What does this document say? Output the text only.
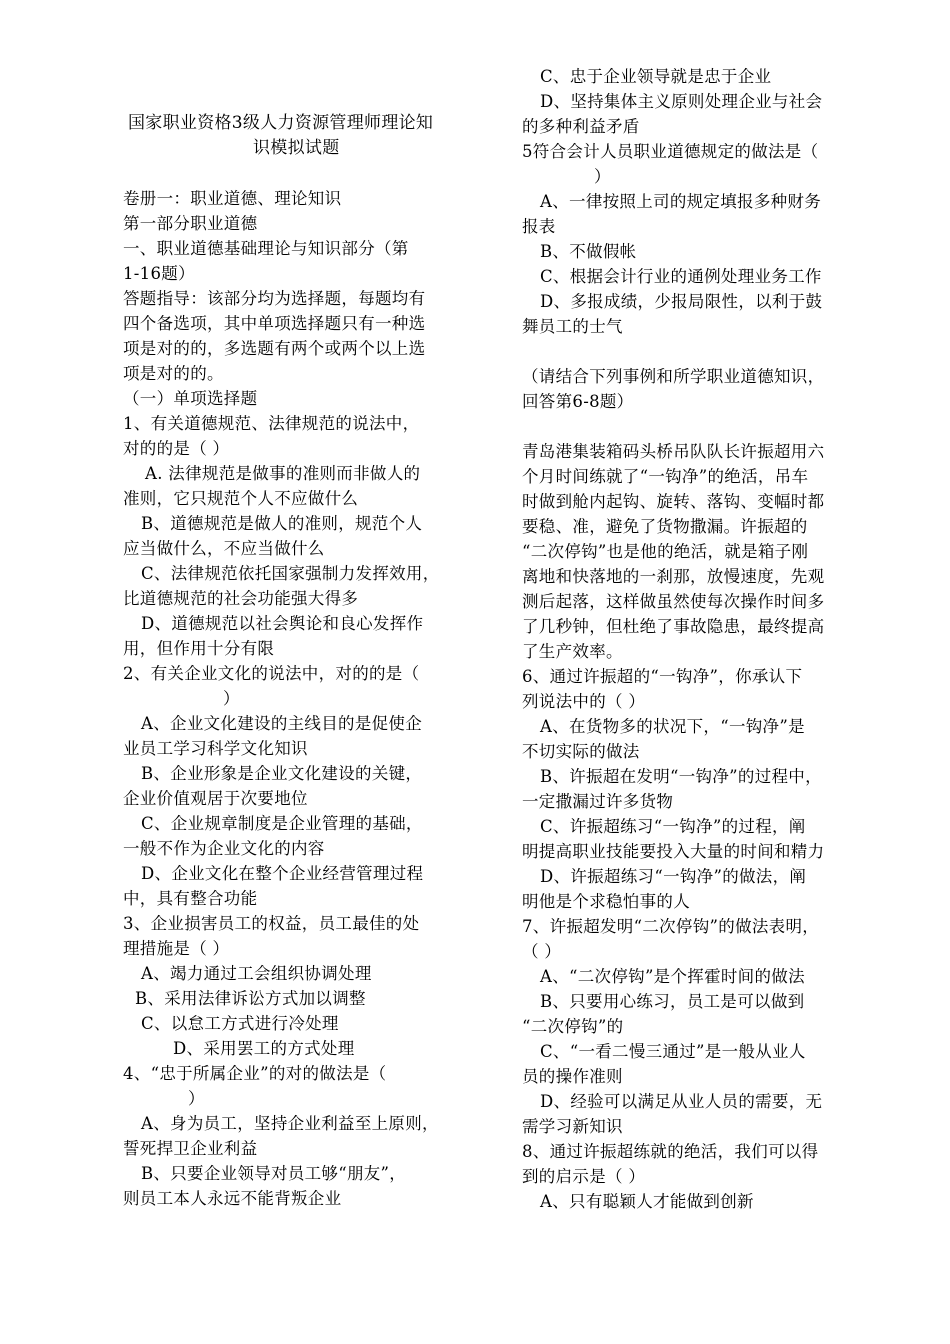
国家职业资格3级人力资源管理师理论知
识模拟试题
卷册一：职业道德、理论知识
第一部分职业道德
一、职业道德基础理论与知识部分（第
1-16题）
答题指导：该部分均为选择题，每题均有
四个备选项，其中单项选择题只有一种选
项是对的的，多选题有两个或两个以上选
项是对的的。
（一）单项选择题
1、有关道德规范、法律规范的说法中，
对的的是（ ）
A. 法律规范是做事的准则而非做人的
准则，它只规范个人不应做什么
B、道德规范是做人的准则，规范个人
应当做什么，不应当做什么
C、法律规范依托国家强制力发挥效用，
比道德规范的社会功能强大得多
D、道德规范以社会舆论和良心发挥作
用，但作用十分有限
2、有关企业文化的说法中，对的的是（
）
A、企业文化建设的主线目的是促使企
业员工学习科学文化知识
B、企业形象是企业文化建设的关键，
企业价值观居于次要地位
C、企业规章制度是企业管理的基础，
一般不作为企业文化的内容
D、企业文化在整个企业经营管理过程
中，具有整合功能
3、企业损害员工的权益，员工最佳的处
理措施是（ ）
A、竭力通过工会组织协调处理
B、采用法律诉讼方式加以调整
C、以怠工方式进行冷处理
D、采用罢工的方式处理
4、“忠于所属企业”的对的做法是（
）
A、身为员工，坚持企业利益至上原则，
誓死捍卫企业利益
B、只要企业领导对员工够“朋友”，
则员工本人永远不能背叛企业
C、忠于企业领导就是忠于企业
D、坚持集体主义原则处理企业与社会
的多种利益矛盾
5符合会计人员职业道德规定的做法是（
）
A、一律按照上司的规定填报多种财务
报表
B、不做假帐
C、根据会计行业的通例处理业务工作
D、多报成绩，少报局限性，以利于鼓
舞员工的士气
（请结合下列事例和所学职业道德知识，
回答第6-8题）
青岛港集装箱码头桥吊队队长许振超用六
个月时间练就了“一钩净”的绝活，吊车
时做到舱内起钩、旋转、落钩、变幅时都
要稳、准，避免了货物撒漏。许振超的
“二次停钩”也是他的绝活，就是箱子刚
离地和快落地的一刹那，放慢速度，先观
测后起落，这样做虽然使每次操作时间多
了几秒钟，但杜绝了事故隐患，最终提高
了生产效率。
6、通过许振超的“一钩净”，你承认下
列说法中的（ ）
A、在货物多的状况下，“一钩净”是
不切实际的做法
B、许振超在发明“一钩净”的过程中，
一定撒漏过许多货物
C、许振超练习“一钩净”的过程，阐
明提高职业技能要投入大量的时间和精力
D、许振超练习“一钩净”的做法，阐
明他是个求稳怕事的人
7、许振超发明“二次停钩”的做法表明，
（ ）
A、“二次停钩”是个挥霍时间的做法
B、只要用心练习，员工是可以做到
“二次停钩”的
C、“一看二慢三通过”是一般从业人
员的操作准则
D、经验可以满足从业人员的需要，无
需学习新知识
8、通过许振超练就的绝活，我们可以得
到的启示是（ ）
A、只有聪颖人才能做到创新
